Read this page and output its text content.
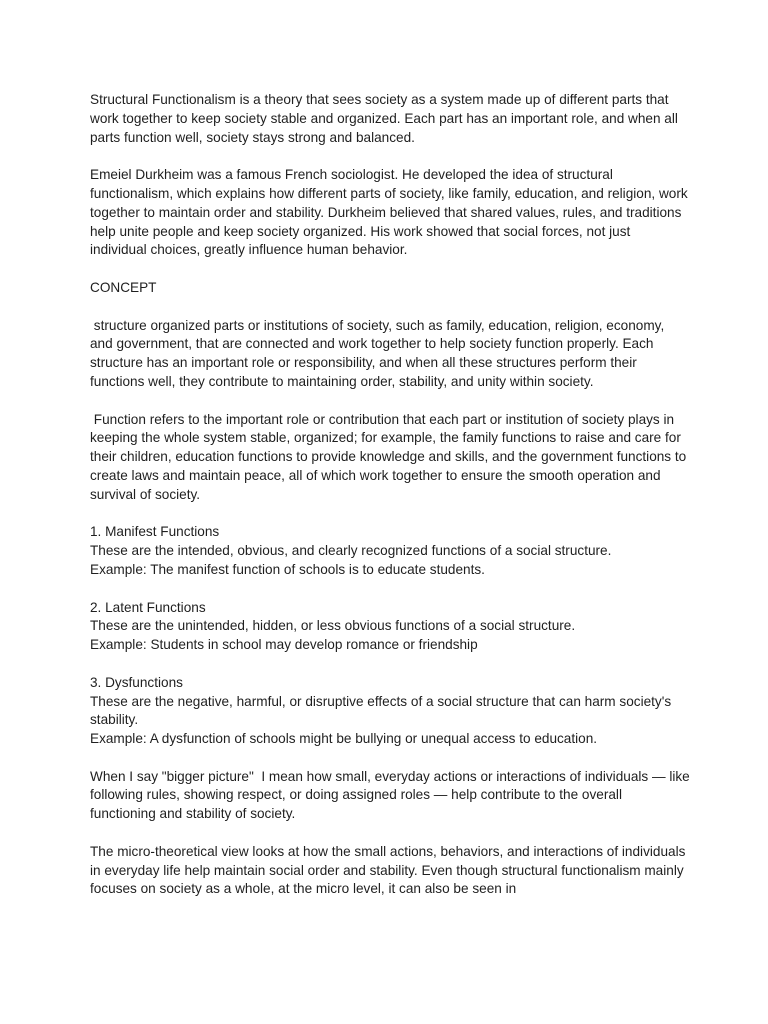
Structural Functionalism is a theory that sees society as a system made up of different parts that work together to keep society stable and organized. Each part has an important role, and when all parts function well, society stays strong and balanced.

Emeiel Durkheim was a famous French sociologist. He developed the idea of structural functionalism, which explains how different parts of society, like family, education, and religion, work together to maintain order and stability. Durkheim believed that shared values, rules, and traditions help unite people and keep society organized. His work showed that social forces, not just individual choices, greatly influence human behavior.

CONCEPT

structure organized parts or institutions of society, such as family, education, religion, economy, and government, that are connected and work together to help society function properly. Each structure has an important role or responsibility, and when all these structures perform their functions well, they contribute to maintaining order, stability, and unity within society.

Function refers to the important role or contribution that each part or institution of society plays in keeping the whole system stable, organized; for example, the family functions to raise and care for their children, education functions to provide knowledge and skills, and the government functions to create laws and maintain peace, all of which work together to ensure the smooth operation and survival of society.

1. Manifest Functions

These are the intended, obvious, and clearly recognized functions of a social structure.

Example: The manifest function of schools is to educate students.

2. Latent Functions

These are the unintended, hidden, or less obvious functions of a social structure.

Example: Students in school may develop romance or friendship

3. Dysfunctions

These are the negative, harmful, or disruptive effects of a social structure that can harm society's stability.

Example: A dysfunction of schools might be bullying or unequal access to education.

When I say "bigger picture"  I mean how small, everyday actions or interactions of individuals — like following rules, showing respect, or doing assigned roles — help contribute to the overall functioning and stability of society.

The micro-theoretical view looks at how the small actions, behaviors, and interactions of individuals in everyday life help maintain social order and stability. Even though structural functionalism mainly focuses on society as a whole, at the micro level, it can also be seen in
